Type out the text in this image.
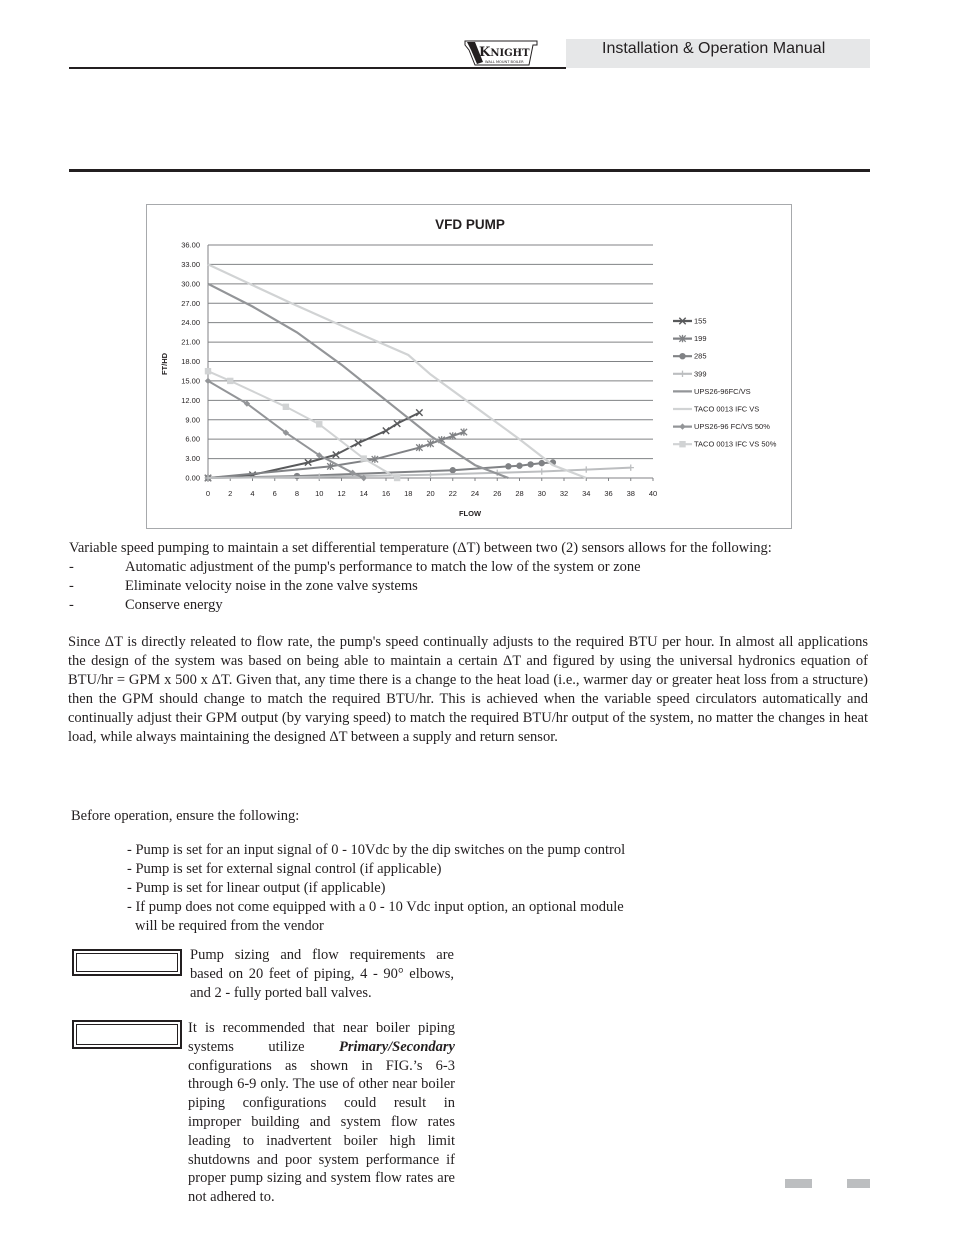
KNIGHT
WALL MOUNT BOILER
Installation & Operation Manual
VFD PUMP
0.00
3.00
6.00
9.00
12.00
15.00
18.00
21.00
24.00
27.00
30.00
33.00
36.00
0 2 4 6 8 10 12 14 16 18 20 22 24 26 28 30 32 34 36 38 40
155
199
285
399
UPS26-96FC/VS
TACO 0013 IFC VS
UPS26-96 FC/VS 50%
TACO 0013 IFC VS 50%
FLOW
FT/HD
Variable speed pumping to maintain a set differential temperature (ΔT) between two (2) sensors allows for the following:
-	Automatic adjustment of the pump's performance to match the low of the system or zone
-	Eliminate velocity noise in the zone valve systems
-	Conserve energy
Since ΔT is directly releated to flow rate, the pump's speed continually adjusts to the required BTU per hour. In almost all applications the design of the system was based on being able to maintain a certain ΔT and figured by using the universal hydronics equation of BTU/hr = GPM x 500 x ΔT. Given that, any time there is a change to the heat load (i.e., warmer day or greater heat loss from a structure) then the GPM should change to match the required BTU/hr. This is achieved when the variable speed circulators automatically and continually adjust their GPM output (by varying speed) to match the required BTU/hr output of the system, no matter the changes in heat load, while always maintaining the designed ΔT between a supply and return sensor.
Before operation, ensure the following:
- Pump is set for an input signal of 0 - 10Vdc by the dip switches on the pump control
- Pump is set for external signal control (if applicable)
- Pump is set for linear output (if applicable)
- If pump does not come equipped with a 0 - 10 Vdc input option, an optional module
will be required from the vendor
Pump sizing and flow requirements are based on 20 feet of piping, 4 - 90° elbows, and 2 - fully ported ball valves.
It is recommended that near boiler piping systems utilize Primary/Secondary configurations as shown in FIG.’s 6-3 through 6-9 only. The use of other near boiler piping configurations could result in improper building and system flow rates leading to inadvertent boiler high limit shutdowns and poor system performance if proper pump sizing and system flow rates are not adhered to.
